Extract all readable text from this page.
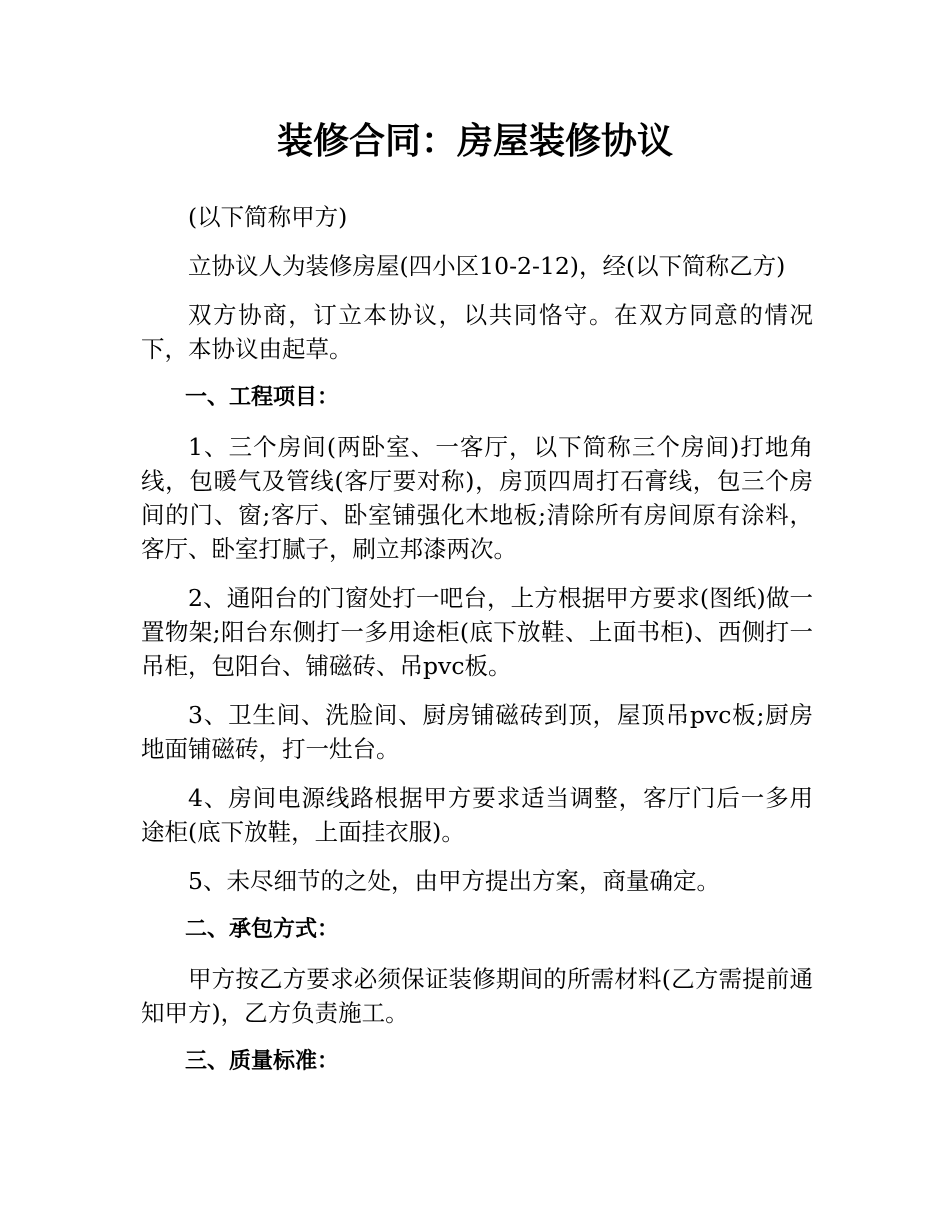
装修合同：房屋装修协议

(以下简称甲方)

立协议人为装修房屋(四小区10-2-12)，经(以下简称乙方)

双方协商，订立本协议，以共同恪守。在双方同意的情况下，本协议由起草。

一、工程项目：

1、三个房间(两卧室、一客厅，以下简称三个房间)打地角线，包暖气及管线(客厅要对称)，房顶四周打石膏线，包三个房间的门、窗;客厅、卧室铺强化木地板;清除所有房间原有涂料，客厅、卧室打腻子，刷立邦漆两次。

2、通阳台的门窗处打一吧台，上方根据甲方要求(图纸)做一置物架;阳台东侧打一多用途柜(底下放鞋、上面书柜)、西侧打一吊柜，包阳台、铺磁砖、吊pvc板。

3、卫生间、洗脸间、厨房铺磁砖到顶，屋顶吊pvc板;厨房地面铺磁砖，打一灶台。

4、房间电源线路根据甲方要求适当调整，客厅门后一多用途柜(底下放鞋，上面挂衣服)。

5、未尽细节的之处，由甲方提出方案，商量确定。

二、承包方式：

甲方按乙方要求必须保证装修期间的所需材料(乙方需提前通知甲方)，乙方负责施工。

三、质量标准：
